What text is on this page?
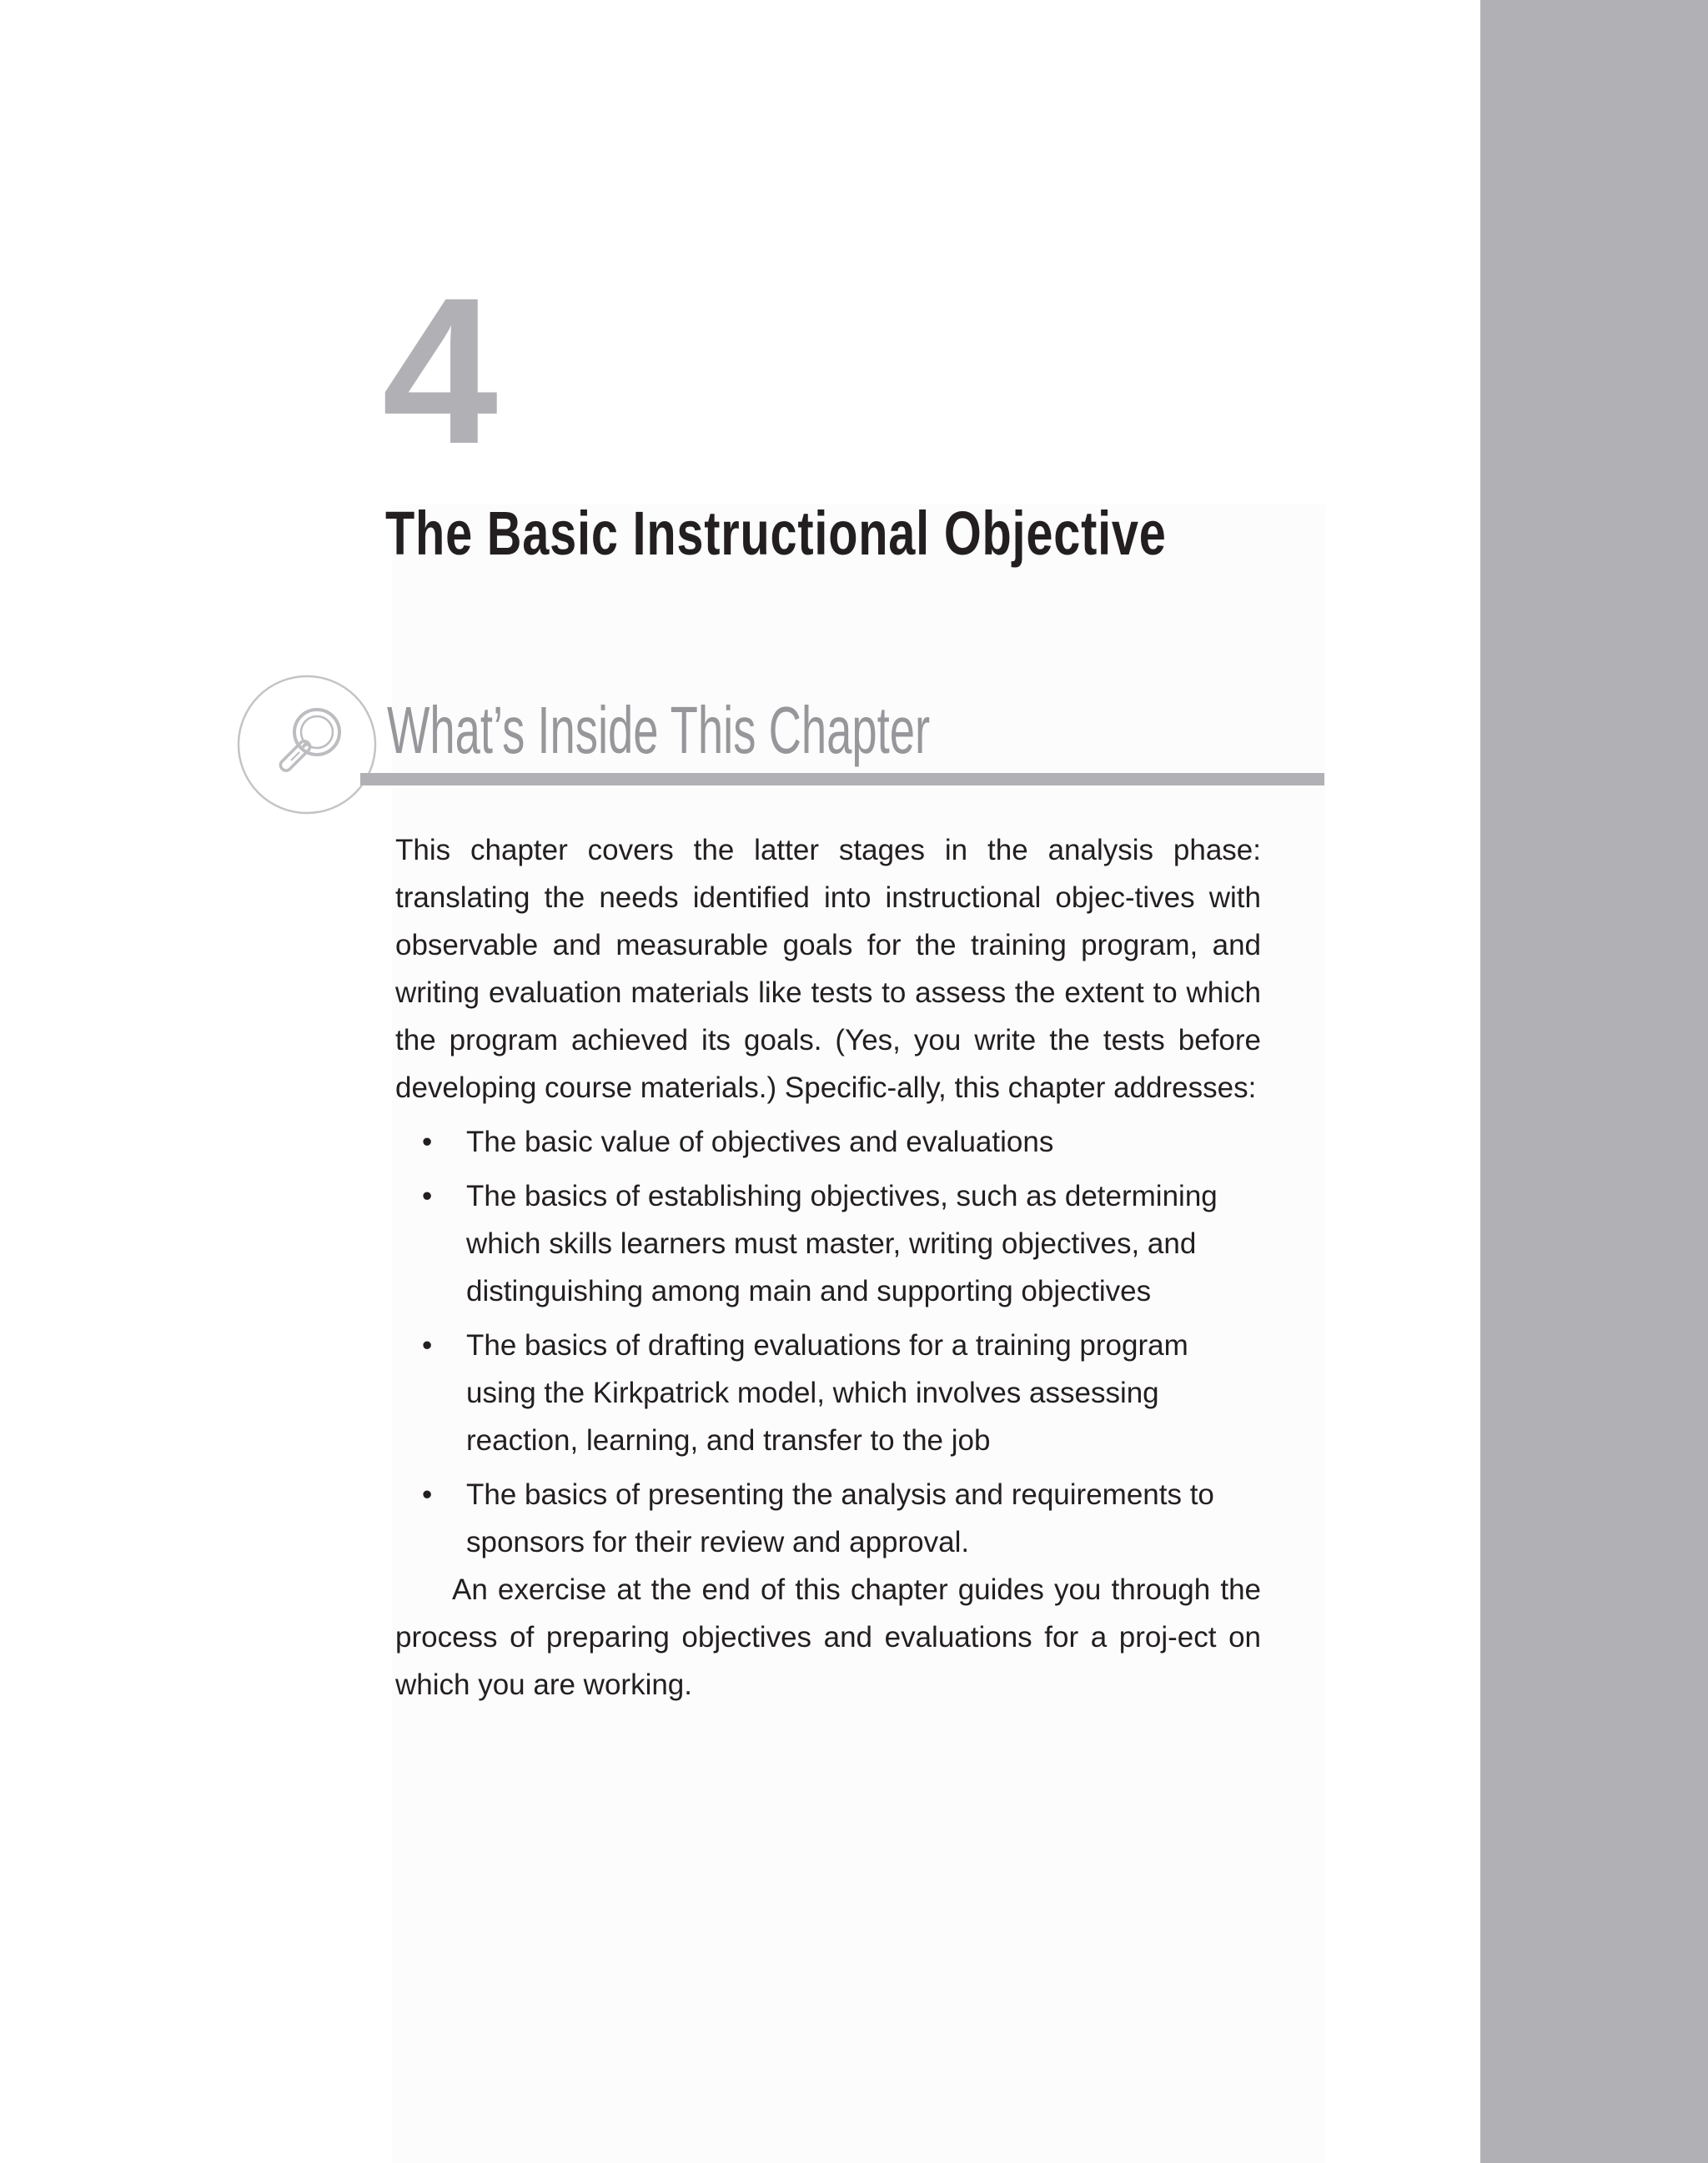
4
The Basic Instructional Objective
What’s Inside This Chapter

This chapter covers the latter stages in the analysis phase: translating the needs identified into instructional objec-tives with observable and measurable goals for the training program, and writing evaluation materials like tests to assess the extent to which the program achieved its goals. (Yes, you write the tests before developing course materials.) Specific-ally, this chapter addresses:

• The basic value of objectives and evaluations
• The basics of establishing objectives, such as determining which skills learners must master, writing objectives, and distinguishing among main and supporting objectives
• The basics of drafting evaluations for a training program using the Kirkpatrick model, which involves assessing reaction, learning, and transfer to the job
• The basics of presenting the analysis and requirements to sponsors for their review and approval.

An exercise at the end of this chapter guides you through the process of preparing objectives and evaluations for a proj-ect on which you are working.
